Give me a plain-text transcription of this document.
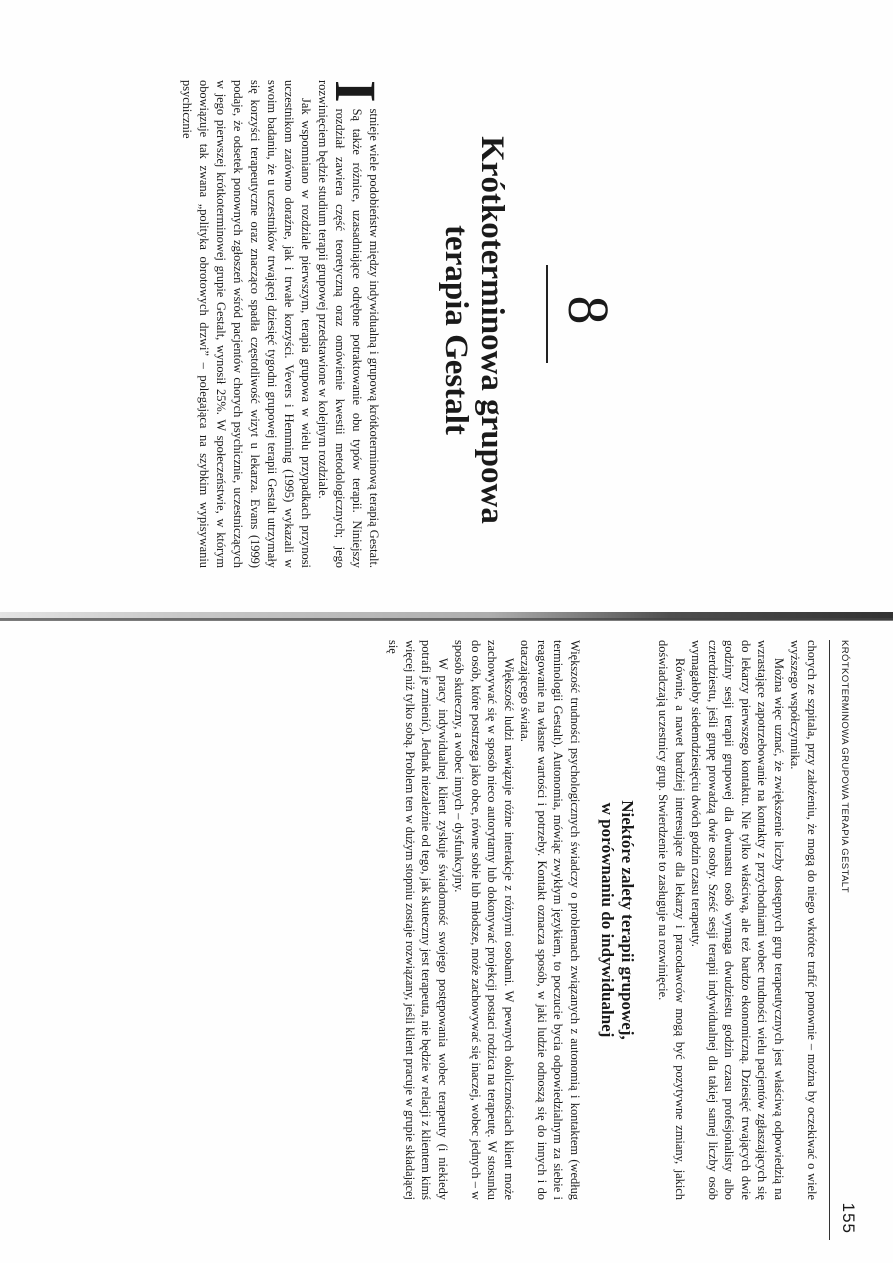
8
Krótkoterminowa grupowa
terapia Gestalt

I
stnieje wiele podobieństw między indywidualną i grupową krótkoterminową terapią Gestalt. Są także różnice, uzasadniające odrębne potraktowanie obu typów terapii. Niniejszy rozdział zawiera część teoretyczną oraz omówienie kwestii metodologicznych; jego rozwinięciem będzie studium terapii grupowej przedstawione w kolejnym rozdziale.

Jak wspomniano w rozdziale pierwszym, terapia grupowa w wielu przypadkach przynosi uczestnikom zarówno doraźne, jak i trwałe korzyści. Vevers i Hemming (1995) wykazali w swoim badaniu, że u uczestników trwającej dziesięć tygodni grupowej terapii Gestalt utrzymały się korzyści terapeutyczne oraz znacząco spadła częstotliwość wizyt u lekarza. Evans (1999) podaje, że odsetek ponownych zgłoszeń wśród pacjentów chorych psychicznie, uczestniczących w jego pierwszej krótkoterminowej grupie Gestalt, wynosił 25%. W społeczeństwie, w którym obowiązuje tak zwana „polityka obrotowych drzwi” – polegająca na szybkim wypisywaniu psychicznie

KRÓTKOTERMINOWA GRUPOWA TERAPIA GESTALT
155

chorych ze szpitala, przy założeniu, że mogą do niego wkrótce trafić ponownie – można by oczekiwać o wiele wyższego współczynnika.

Można więc uznać, że zwiększenie liczby dostępnych grup terapeutycznych jest właściwą odpowiedzią na wzrastające zapotrzebowanie na kontakty z przychodniami wobec trudności wielu pacjentów zgłaszających się do lekarzy pierwszego kontaktu. Nie tylko właściwą, ale też bardzo ekonomiczną. Dziesięć trwających dwie godziny sesji terapii grupowej dla dwunastu osób wymaga dwudziestu godzin czasu profesjonalisty albo czterdziestu, jeśli grupę prowadzą dwie osoby. Sześć sesji terapii indywidualnej dla takiej samej liczby osób wymagałoby siedemdziesięciu dwóch godzin czasu terapeuty.

Równie, a nawet bardziej interesujące dla lekarzy i pracodawców mogą być pozytywne zmiany, jakich doświadczają uczestnicy grup. Stwierdzenie to zasługuje na rozwinięcie.

Niektóre zalety terapii grupowej,
w porównaniu do indywidualnej

Większość trudności psychologicznych świadczy o problemach związanych z autonomią i kontaktem (według terminologii Gestalt). Autonomia, mówiąc zwykłym językiem, to poczucie bycia odpowiedzialnym za siebie i reagowanie na własne wartości i potrzeby. Kontakt oznacza sposób, w jaki ludzie odnoszą się do innych i do otaczającego świata.

Większość ludzi nawiązuje różne interakcje z różnymi osobami. W pewnych okolicznościach klient może zachowywać się w sposób nieco autorytarny lub dokonywać projekcji postaci rodzica na terapeutę. W stosunku do osób, które postrzega jako obce, równe sobie lub młodsze, może zachowywać się inaczej, wobec jednych – w sposób skuteczny, a wobec innych – dysfunkcyjny.

W pracy indywidualnej klient zyskuje świadomość swojego postępowania wobec terapeuty (i niekiedy potrafi je zmienić). Jednak niezależnie od tego, jak skuteczny jest terapeuta, nie będzie w relacji z klientem kimś więcej niż tylko sobą. Problem ten w dużym stopniu zostaje rozwiązany, jeśli klient pracuje w grupie składającej się
